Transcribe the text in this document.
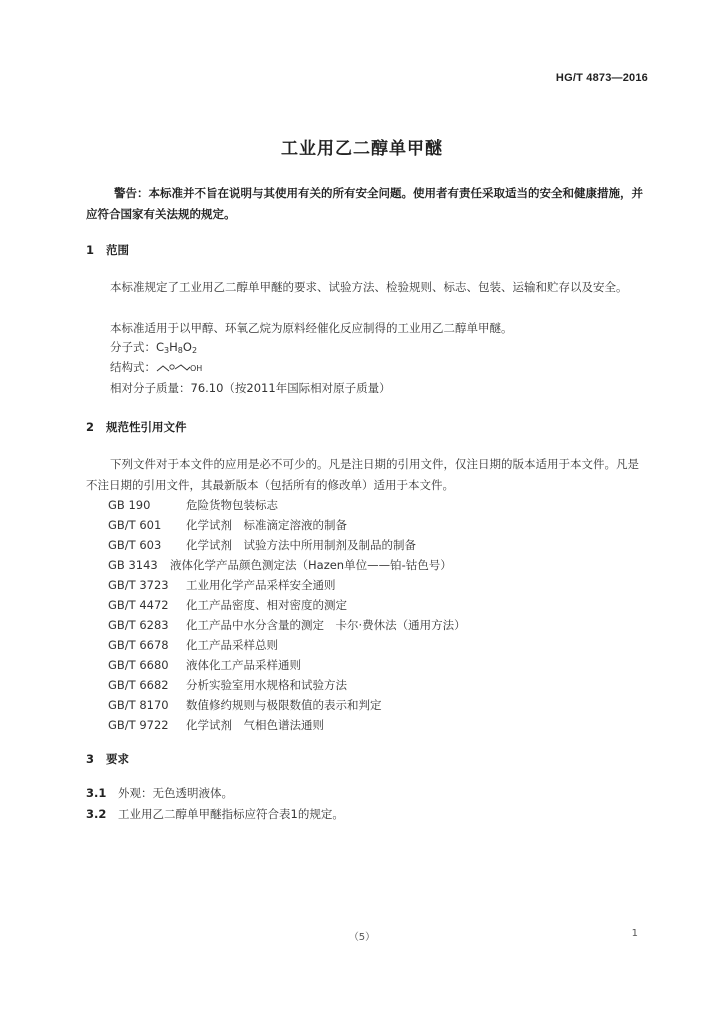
HG/T 4873—2016
工业用乙二醇单甲醚
警告：本标准并不旨在说明与其使用有关的所有安全问题。使用者有责任采取适当的安全和健康措施，并应符合国家有关法规的规定。
1 范围
本标准规定了工业用乙二醇单甲醚的要求、试验方法、检验规则、标志、包装、运输和贮存以及安全。
本标准适用于以甲醇、环氧乙烷为原料经催化反应制得的工业用乙二醇单甲醚。
分子式：$C_3H_8O_2$
结构式：	OH
相对分子质量：76.10（按2011年国际相对原子质量）
2 规范性引用文件
下列文件对于本文件的应用是必不可少的。凡是注日期的引用文件，仅注日期的版本适用于本文件。凡是不注日期的引用文件，其最新版本（包括所有的修改单）适用于本文件。
GB 190	危险货物包装标志
GB/T 601 化学试剂　标准滴定溶液的制备
GB/T 603 化学试剂　试验方法中所用制剂及制品的制备
GB 3143 液体化学产品颜色测定法（Hazen单位——铂-钴色号）
GB/T 3723 工业用化学产品采样安全通则
GB/T 4472 化工产品密度、相对密度的测定
GB/T 6283 化工产品中水分含量的测定　卡尔·费休法（通用方法）
GB/T 6678 化工产品采样总则
GB/T 6680 液体化工产品采样通则
GB/T 6682 分析实验室用水规格和试验方法
GB/T 8170 数值修约规则与极限数值的表示和判定
GB/T 9722 化学试剂　气相色谱法通则
3 要求
3.1 外观：无色透明液体。
3.2 工业用乙二醇单甲醚指标应符合表1的规定。
（5）	1
